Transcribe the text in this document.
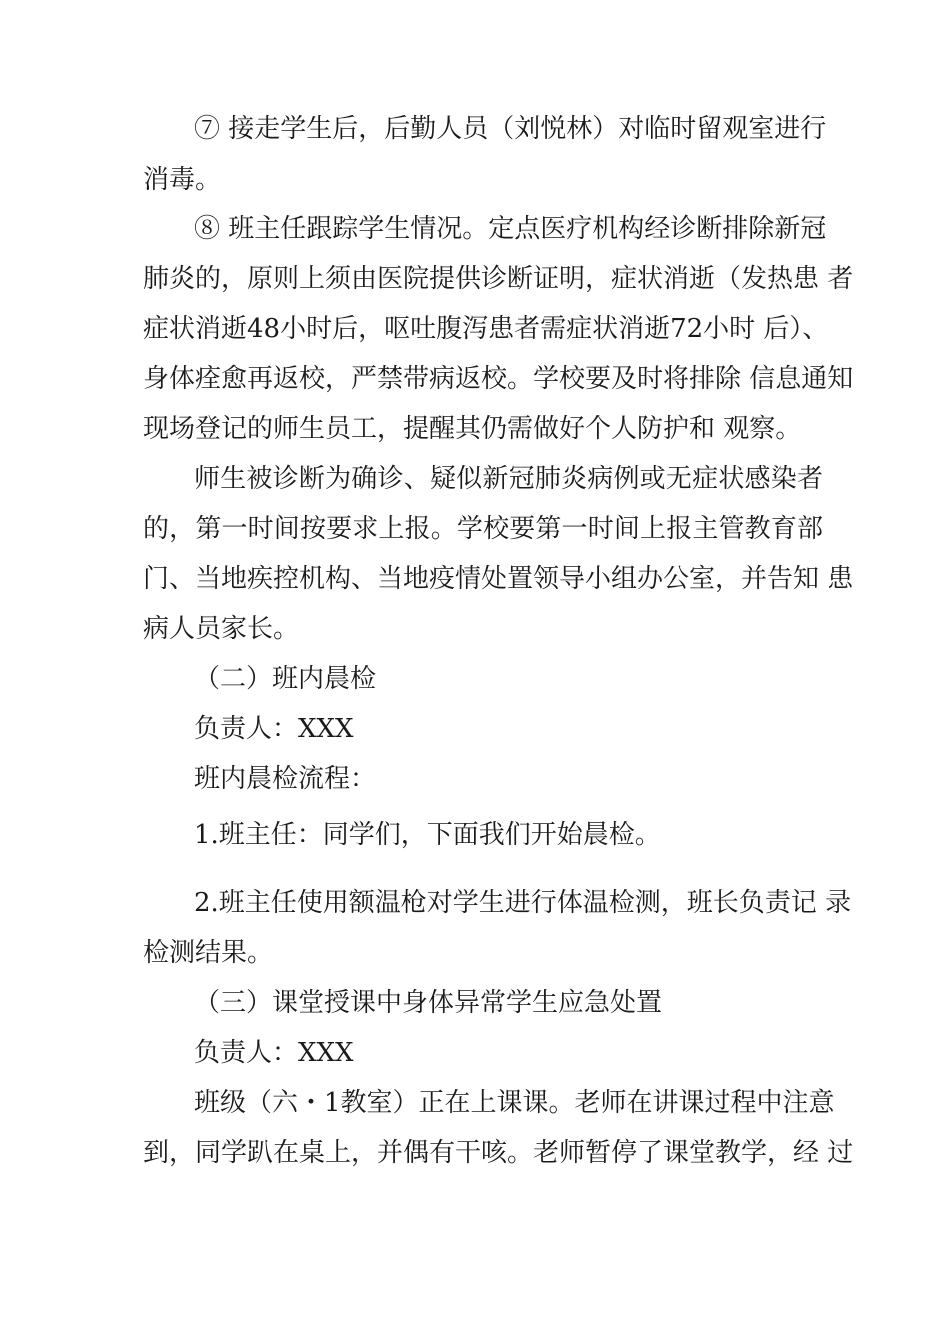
⑦ 接走学生后，后勤人员（刘悦林）对临时留观室进行
消毒。
⑧ 班主任跟踪学生情况。定点医疗机构经诊断排除新冠
肺炎的，原则上须由医院提供诊断证明，症状消逝（发热患 者
症状消逝48小时后，呕吐腹泻患者需症状消逝72小时 后）、
身体痊愈再返校，严禁带病返校。学校要及时将排除 信息通知
现场登记的师生员工，提醒其仍需做好个人防护和 观察。
师生被诊断为确诊、疑似新冠肺炎病例或无症状感染者
的，第一时间按要求上报。学校要第一时间上报主管教育部
门、当地疾控机构、当地疫情处置领导小组办公室，并告知 患
病人员家长。
（二）班内晨检
负责人：XXX
班内晨检流程：
1.班主任：同学们，下面我们开始晨检。
2.班主任使用额温枪对学生进行体温检测，班长负责记 录
检测结果。
（三）课堂授课中身体异常学生应急处置
负责人：XXX
班级（六・1教室）正在上课课。老师在讲课过程中注意
到，同学趴在桌上，并偶有干咳。老师暂停了课堂教学，经 过
